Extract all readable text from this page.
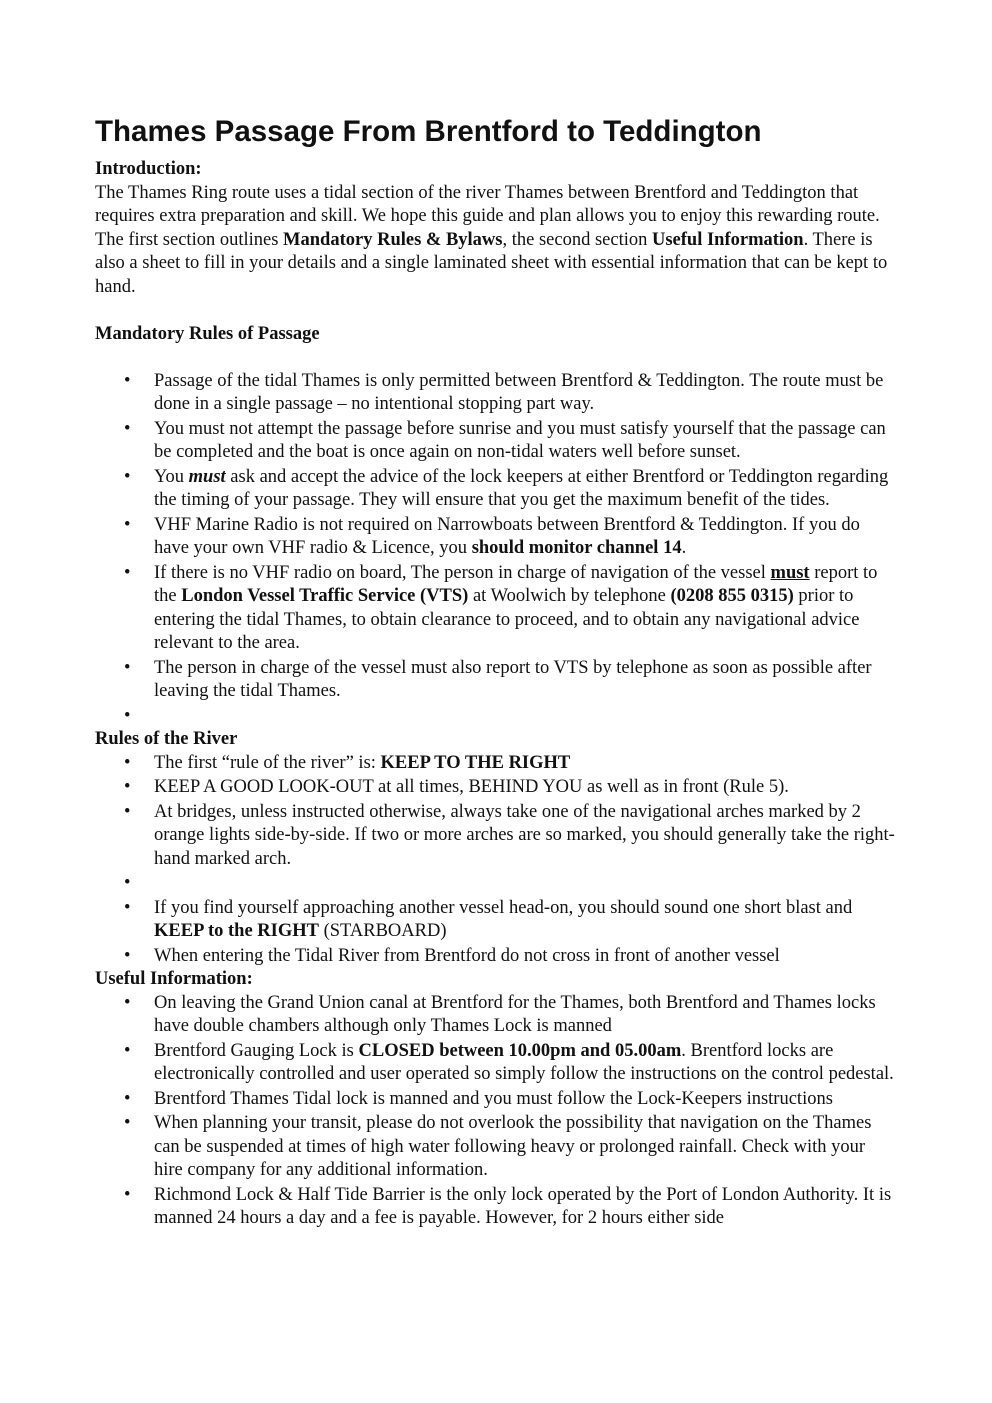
Thames Passage From Brentford to Teddington
Introduction:

The Thames Ring route uses a tidal section of the river Thames between Brentford and Teddington that requires extra preparation and skill. We hope this guide and plan allows you to enjoy this rewarding route. The first section outlines Mandatory Rules & Bylaws, the second section Useful Information. There is also a sheet to fill in your details and a single laminated sheet with essential information that can be kept to hand.

Mandatory Rules of Passage
• Passage of the tidal Thames is only permitted between Brentford & Teddington. The route must be done in a single passage – no intentional stopping part way.
• You must not attempt the passage before sunrise and you must satisfy yourself that the passage can be completed and the boat is once again on non-tidal waters well before sunset.
• You must ask and accept the advice of the lock keepers at either Brentford or Teddington regarding the timing of your passage. They will ensure that you get the maximum benefit of the tides.
• VHF Marine Radio is not required on Narrowboats between Brentford & Teddington. If you do have your own VHF radio & Licence, you should monitor channel 14.
• If there is no VHF radio on board, The person in charge of navigation of the vessel must report to the London Vessel Traffic Service (VTS) at Woolwich by telephone (0208 855 0315) prior to entering the tidal Thames, to obtain clearance to proceed, and to obtain any navigational advice relevant to the area.
• The person in charge of the vessel must also report to VTS by telephone as soon as possible after leaving the tidal Thames.
•
Rules of the River
• The first “rule of the river” is: KEEP TO THE RIGHT
• KEEP A GOOD LOOK-OUT at all times, BEHIND YOU as well as in front (Rule 5).
• At bridges, unless instructed otherwise, always take one of the navigational arches marked by 2 orange lights side-by-side. If two or more arches are so marked, you should generally take the right-hand marked arch.
•
• If you find yourself approaching another vessel head-on, you should sound one short blast and KEEP to the RIGHT (STARBOARD)
• When entering the Tidal River from Brentford do not cross in front of another vessel
Useful Information:
• On leaving the Grand Union canal at Brentford for the Thames, both Brentford and Thames locks have double chambers although only Thames Lock is manned
• Brentford Gauging Lock is CLOSED between 10.00pm and 05.00am. Brentford locks are electronically controlled and user operated so simply follow the instructions on the control pedestal.
• Brentford Thames Tidal lock is manned and you must follow the Lock-Keepers instructions
• When planning your transit, please do not overlook the possibility that navigation on the Thames can be suspended at times of high water following heavy or prolonged rainfall. Check with your hire company for any additional information.
• Richmond Lock & Half Tide Barrier is the only lock operated by the Port of London Authority. It is manned 24 hours a day and a fee is payable. However, for 2 hours either side
